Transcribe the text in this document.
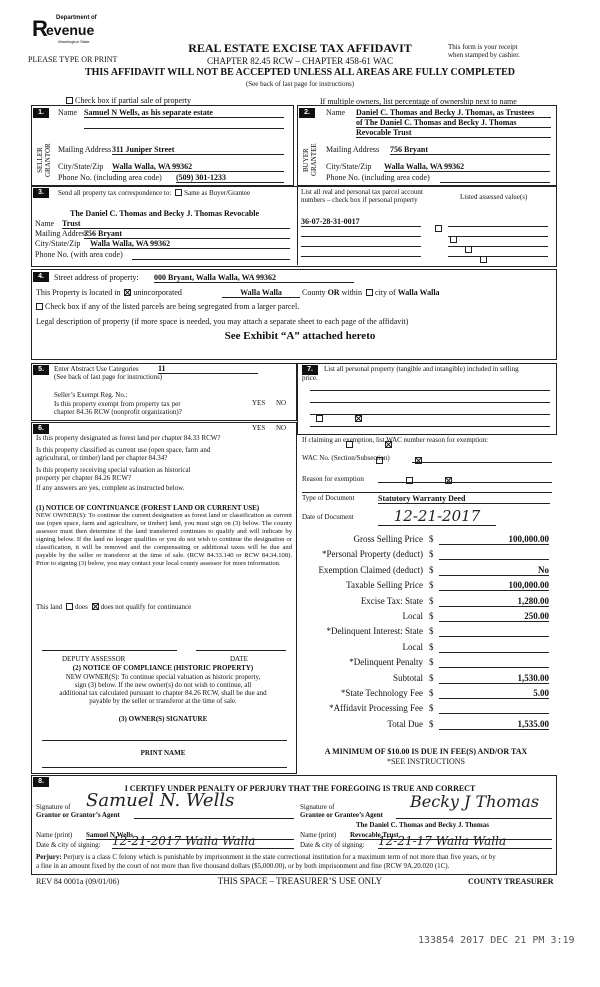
Department of
R
evenue
Washington State
PLEASE TYPE OR PRINT
REAL ESTATE EXCISE TAX AFFIDAVIT
CHAPTER 82.45 RCW – CHAPTER 458-61 WAC
THIS AFFIDAVIT WILL NOT BE ACCEPTED UNLESS ALL AREAS ARE FULLY COMPLETED
(See back of last page for instructions)
This form is your receipt
when stamped by cashier.
Check box if partial sale of property	If multiple owners, list percentage of ownership next to name
1.
SELLER GRANTOR
Name Samuel N Wells, as his separate estate
Mailing Address 311 Juniper Street
City/State/Zip Walla Walla, WA 99362
Phone No. (including area code) (509) 301-1233
2.
BUYER GRANTEE
Name Daniel C. Thomas and Becky J. Thomas, as Trustees
of The Daniel C. Thomas and Becky J. Thomas
Revocable Trust
Mailing Address 756 Bryant
City/State/Zip Walla Walla, WA 99362
Phone No. (including area code)
3.	Send all property tax correspondence to: Same as Buyer/Grantee
The Daniel C. Thomas and Becky J. Thomas Revocable
Name Trust
Mailing Address
756 Bryant
City/State/Zip Walla Walla, WA 99362
Phone No. (with area code)
List all real and personal tax parcel account
numbers – check box if personal property	Listed assessed value(s)
36-07-28-31-0017

4.	Street address of property: 000 Bryant, Walla Walla, WA 99362
This Property is located in unincorporated	Walla Walla	County OR within city of Walla Walla
Check box if any of the listed parcels are being segregated from a larger parcel.
Legal description of property (if more space is needed, you may attach a separate sheet to each page of the affidavit)
See Exhibit “A” attached hereto
5.	Enter Abstract Use Categories 11
(See back of last page for instructions)
Seller’s Exempt Reg. No.:
YES NO
Is this property exempt from property tax per
chapter 84.36 RCW (nonprofit organization)?

6.	YES NO
Is this property designated as forest land per chapter 84.33 RCW?

Is this property classified as current use (open space, farm and
agricultural, or timber) land per chapter 84.34?

Is this property receiving special valuation as historical
property per chapter 84.26 RCW?

If any answers are yes, complete as instructed below.
(1) NOTICE OF CONTINUANCE (FOREST LAND OR CURRENT USE)
NEW OWNER(S): To continue the current designation as forest land or classification as current use (open space, farm and agriculture, or timber) land, you must sign on (3) below. The county assessor must then determine if the land transferred continues to qualify and will indicate by signing below. If the land no longer qualifies or you do not wish to continue the designation or classification, it will be removed and the compensating or additional taxes will be due and payable by the seller or transferor at the time of sale. (RCW 84.33.140 or RCW 84.34.108). Prior to signing (3) below, you may contact your local county assessor for more information.
This land does does not qualify for continuance
DEPUTY ASSESSOR	DATE
(2) NOTICE OF COMPLIANCE (HISTORIC PROPERTY)
NEW OWNER(S): To continue special valuation as historic property,
sign (3) below. If the new owner(s) do not wish to continue, all
additional tax calculated pursuant to chapter 84.26 RCW, shall be due and
payable by the seller or transferor at the time of sale.
(3) OWNER(S) SIGNATURE
PRINT NAME
7.	List all personal property (tangible and intangible) included in selling
price.
If claiming an exemption, list WAC number reason for exemption:
WAC No. (Section/Subsection)
Reason for exemption
Type of Document	Statutory Warranty Deed
Date of Document	12-21-2017
Gross Selling Price $	100,000.00
*Personal Property (deduct) $
Exemption Claimed (deduct) $	No
Taxable Selling Price $	100,000.00
Excise Tax: State $	1,280.00
Local $	250.00
*Delinquent Interest: State $
Local $
*Delinquent Penalty $
Subtotal $	1,530.00
*State Technology Fee $	5.00
*Affidavit Processing Fee $
Total Due $	1,535.00
A MINIMUM OF $10.00 IS DUE IN FEE(S) AND/OR TAX
*SEE INSTRUCTIONS
8.
I CERTIFY UNDER PENALTY OF PERJURY THAT THE FOREGOING IS TRUE AND CORRECT
Signature of
Grantor or Grantor’s Agent
Samuel N. Wells	Signature of
Grantee or Grantee’s Agent
Becky J Thomas
The Daniel C. Thomas and Becky J. Thomas
Name (print) Samuel N Wells	Name (print) Revocable Trust
Date & city of signing: 12-21-2017 Walla Walla	Date & city of signing: 12-21-17 Walla Walla
Perjury: Perjury is a class C felony which is punishable by imprisonment in the state correctional institution for a maximum term of not more than five years, or by
a fine in an amount fixed by the court of not more than five thousand dollars ($5,000.00), or by both imprisonment and fine (RCW 9A.20.020 (1C).
REV 84 0001a (09/01/06)	THIS SPACE – TREASURER’S USE ONLY	COUNTY TREASURER
133854 2017 DEC 21 PM 3:19
